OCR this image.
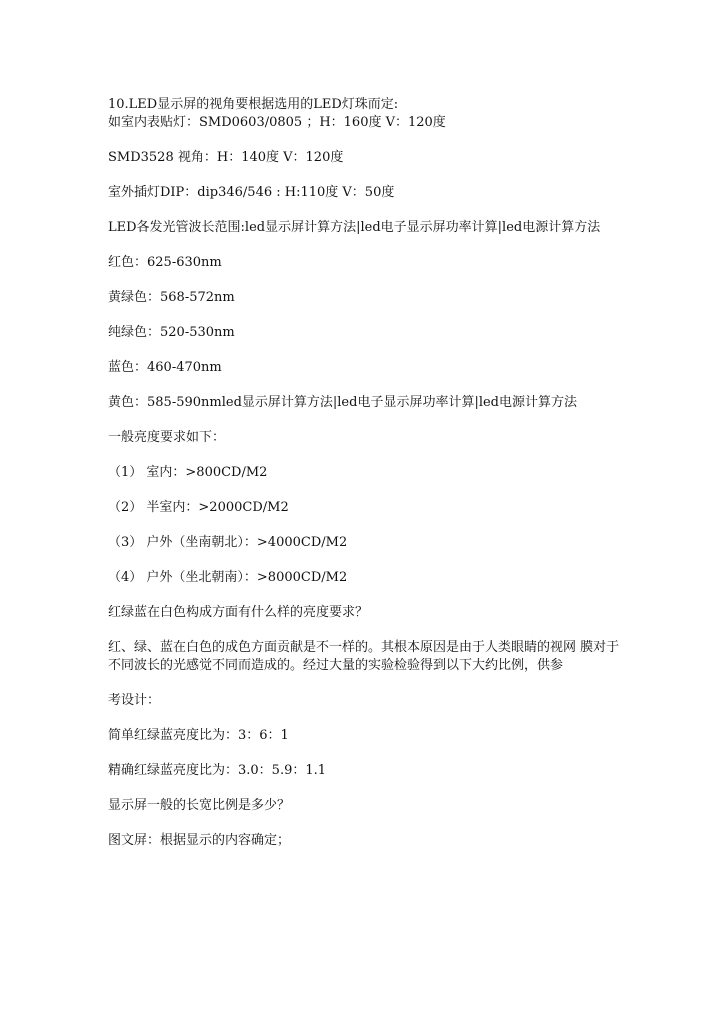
10.LED显示屏的视角要根据选用的LED灯珠而定:

如室内表贴灯：SMD0603/0805 ；H：160度 V：120度

SMD3528 视角：H：140度 V：120度

室外插灯DIP：dip346/546 : H:110度 V：50度

LED各发光管波长范围:led显示屏计算方法|led电子显示屏功率计算|led电源计算方法

红色：625-630nm

黄绿色：568-572nm

纯绿色：520-530nm

蓝色：460-470nm

黄色：585-590nmled显示屏计算方法|led电子显示屏功率计算|led电源计算方法

一般亮度要求如下：

（1） 室内：>800CD/M2

（2） 半室内：>2000CD/M2

（3） 户外（坐南朝北）：>4000CD/M2

（4） 户外（坐北朝南）：>8000CD/M2

红绿蓝在白色构成方面有什么样的亮度要求？

红、绿、蓝在白色的成色方面贡献是不一样的。其根本原因是由于人类眼睛的视网 膜对于不同波长的光感觉不同而造成的。经过大量的实验检验得到以下大约比例，供参

考设计：

简单红绿蓝亮度比为：3：6：1

精确红绿蓝亮度比为：3.0：5.9：1.1

显示屏一般的长宽比例是多少？

图文屏：根据显示的内容确定；
